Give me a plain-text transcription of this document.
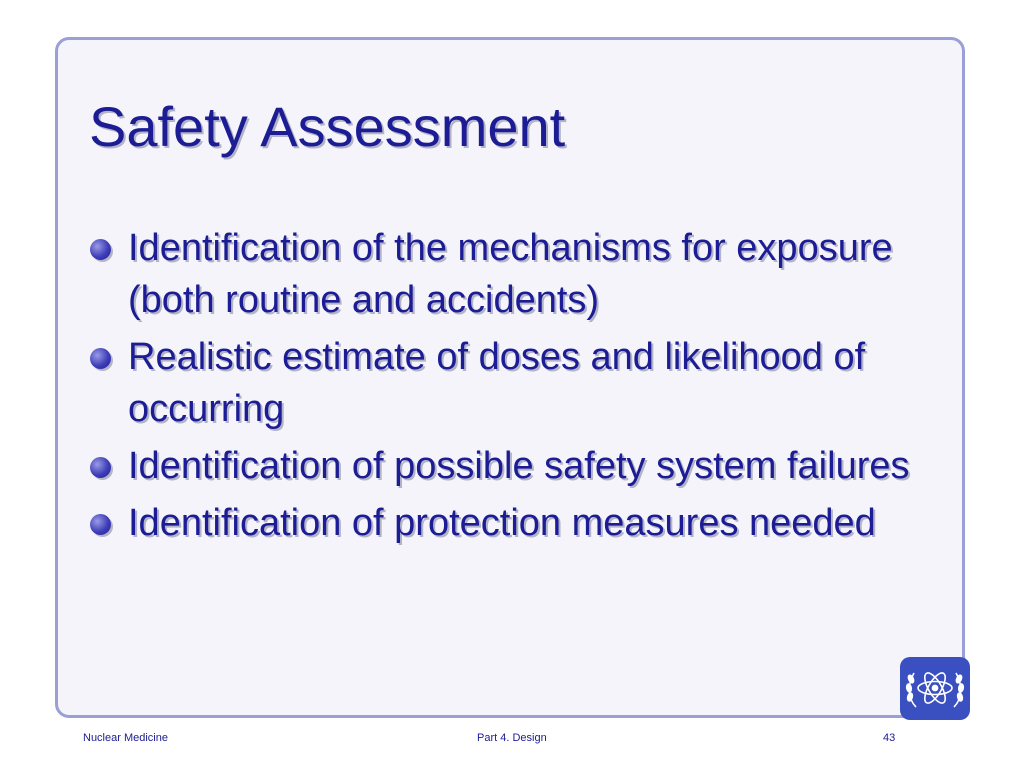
Safety Assessment
Identification of the mechanisms for exposure (both routine and accidents)
Realistic estimate of doses and likelihood of occurring
Identification of possible safety system failures
Identification of protection measures needed
Nuclear Medicine	Part 4. Design	43
